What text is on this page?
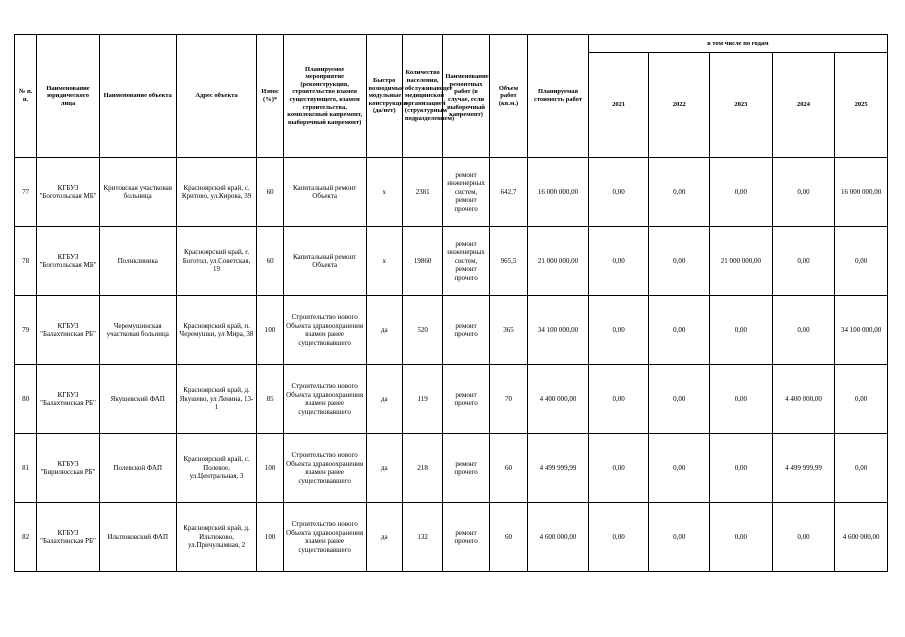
№ п. п.	Наименование юридического лица	Наименование объекта	Адрес объекта	Износ (%)*	Планируемое мероприятие (реконструкция, строительство взамен существующего, взамен строительства, комплексный капремонт, выборочный капремонт)	Быстро возводимые модульные конструкции (да/нет)	Количество населения, обслуживающее медицинской организацией (структурным подразделением)	Наименование ремонтных работ (в случае, если выборочный капремонт)	Объем работ (кв.м.)	Планируемая стоимость работ	в том числе по годам				
											2021	2022	2023	2024	2025
77	КГБУЗ "Боготольская МБ"	Критовская участковая больница	Красноярский край, с. Критово, ул.Кирова, 39	60	Капитальный ремонт Объекта	х	2381	ремонт инженерных систем, ремонт прочего	642,7	16 000 000,00	0,00	0,00	0,00	0,00	16 000 000,00
78	КГБУЗ "Боготольская МБ"	Поликлиника	Красноярский край, г. Боготол, ул.Советская, 19	60	Капитальный ремонт Объекта	х	19860	ремонт инженерных систем, ремонт прочего	965,5	21 000 000,00	0,00	0,00	21 000 000,00	0,00	0,00
79	КГБУЗ "Балахтинская РБ"	Черемушинская участковая больница	Красноярский край, п. Черемушки, ул Мира, 38	100	Строительство нового Объекта здравоохранения взамен ранее существовавшего	да	520	ремонт прочего	365	34 100 000,00	0,00	0,00	0,00	0,00	34 100 000,00
80	КГБУЗ "Балахтинская РБ"	Якушевский ФАП	Красноярский край, д. Якушево, ул Ленина, 13-1	85	Строительство нового Объекта здравоохранения взамен ранее существовавшего	да	119	ремонт прочего	70	4 400 000,00	0,00	0,00	0,00	4 400 000,00	0,00
81	КГБУЗ "Бирилюсская РБ"	Полевской ФАП	Красноярский край, с. Полевое, ул.Центральная, 3	100	Строительство нового Объекта здравоохранения взамен ранее существовавшего	да	218	ремонт прочего	60	4 499 999,99	0,00	0,00	0,00	4 499 999,99	0,00
82	КГБУЗ "Балахтинская РБ"	Ильтюковский ФАП	Красноярский край, д. Ильтюково, ул.Причулымная, 2	100	Строительство нового Объекта здравоохранения взамен ранее существовавшего	да	132	ремонт прочего	60	4 600 000,00	0,00	0,00	0,00	0,00	4 600 000,00
